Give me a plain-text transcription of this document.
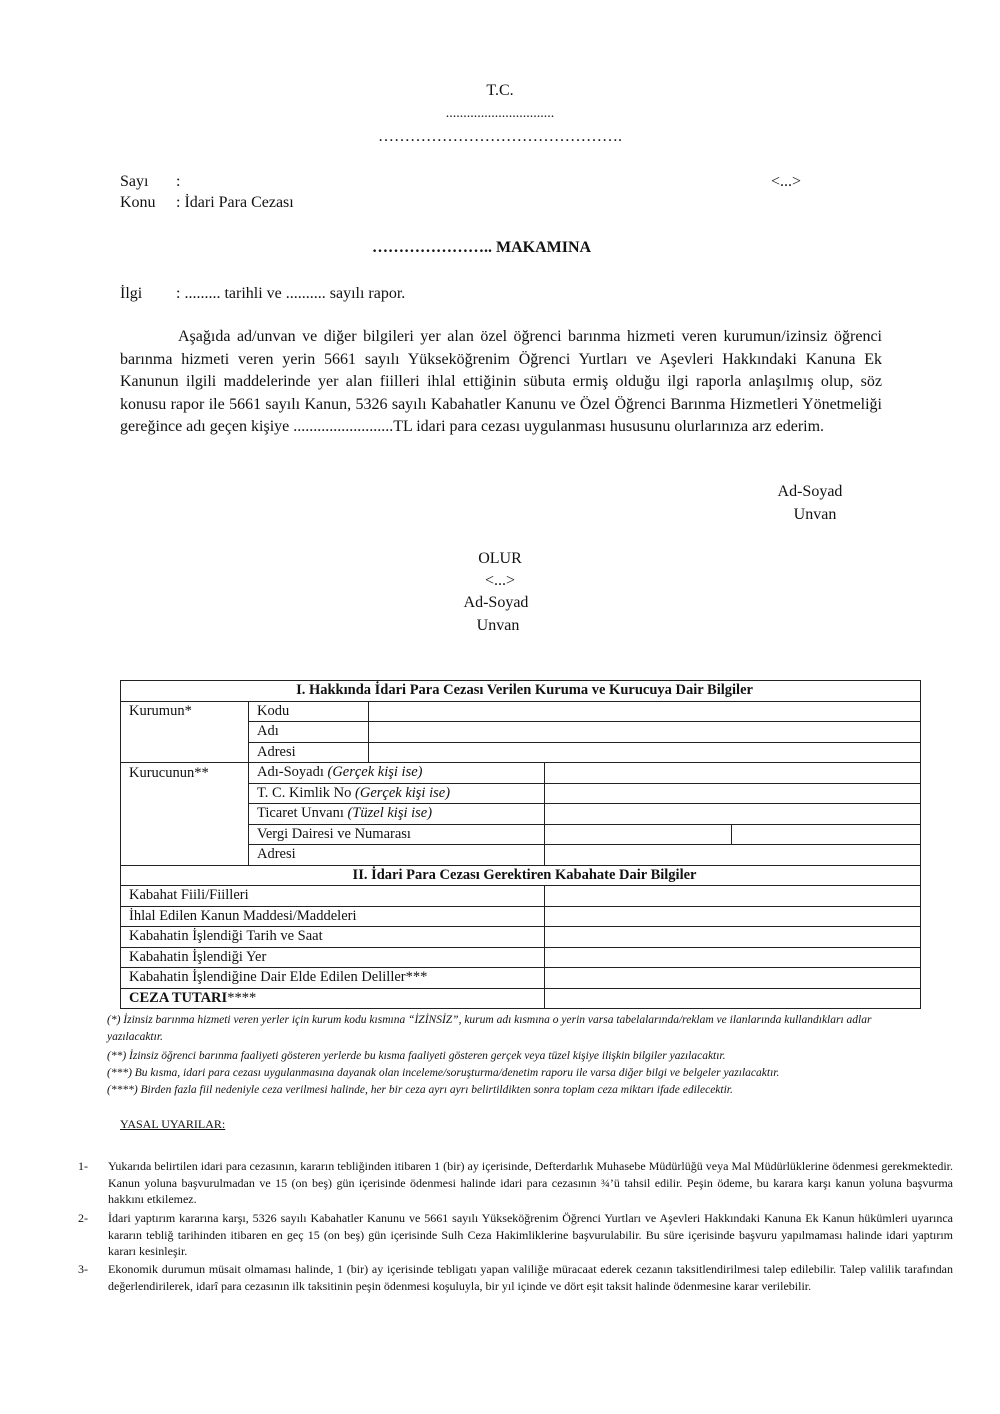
T.C.
...............................
……………………………………….
Sayı :	<...>
Konu : İdari Para Cezası
………………….. MAKAMINA
İlgi : ......... tarihli ve .......... sayılı rapor.
Aşağıda ad/unvan ve diğer bilgileri yer alan özel öğrenci barınma hizmeti veren kurumun/izinsiz öğrenci barınma hizmeti veren yerin 5661 sayılı Yükseköğrenim Öğrenci Yurtları ve Aşevleri Hakkındaki Kanuna Ek Kanunun ilgili maddelerinde yer alan fiilleri ihlal ettiğinin sübuta ermiş olduğu ilgi raporla anlaşılmış olup, söz konusu rapor ile 5661 sayılı Kanun, 5326 sayılı Kabahatler Kanunu ve Özel Öğrenci Barınma Hizmetleri Yönetmeliği gereğince adı geçen kişiye .........................TL idari para cezası uygulanması hususunu olurlarınıza arz ederim.
Ad-Soyad
Unvan
OLUR
<...>
Ad-Soyad
Unvan
I. Hakkında İdari Para Cezası Verilen Kuruma ve Kurucuya Dair Bilgiler
Kurumun*	Kodu	
	Adı	
	Adresi	
Kurucunun**	Adı-Soyadı (Gerçek kişi ise)	
	T. C. Kimlik No (Gerçek kişi ise)	
	Ticaret Unvanı (Tüzel kişi ise)	
	Vergi Dairesi ve Numarası		
	Adresi	
II. İdari Para Cezası Gerektiren Kabahate Dair Bilgiler
Kabahat Fiili/Fiilleri	
İhlal Edilen Kanun Maddesi/Maddeleri	
Kabahatin İşlendiği Tarih ve Saat	
Kabahatin İşlendiği Yer	
Kabahatin İşlendiğine Dair Elde Edilen Deliller***	
CEZA TUTARI****	
(*) İzinsiz barınma hizmeti veren yerler için kurum kodu kısmına “İZİNSİZ”, kurum adı kısmına o yerin varsa tabelalarında/reklam ve ilanlarında kullandıkları adlar yazılacaktır.
(**) İzinsiz öğrenci barınma faaliyeti gösteren yerlerde bu kısma faaliyeti gösteren gerçek veya tüzel kişiye ilişkin bilgiler yazılacaktır.
(***) Bu kısma, idari para cezası uygulanmasına dayanak olan inceleme/soruşturma/denetim raporu ile varsa diğer bilgi ve belgeler yazılacaktır.
(****) Birden fazla fiil nedeniyle ceza verilmesi halinde, her bir ceza ayrı ayrı belirtildikten sonra toplam ceza miktarı ifade edilecektir.
YASAL UYARILAR:
1- Yukarıda belirtilen idari para cezasının, kararın tebliğinden itibaren 1 (bir) ay içerisinde, Defterdarlık Muhasebe Müdürlüğü veya Mal Müdürlüklerine ödenmesi gerekmektedir. Kanun yoluna başvurulmadan ve 15 (on beş) gün içerisinde ödenmesi halinde idari para cezasının ¾’ü tahsil edilir. Peşin ödeme, bu karara karşı kanun yoluna başvurma hakkını etkilemez.
2- İdari yaptırım kararına karşı, 5326 sayılı Kabahatler Kanunu ve 5661 sayılı Yükseköğrenim Öğrenci Yurtları ve Aşevleri Hakkındaki Kanuna Ek Kanun hükümleri uyarınca kararın tebliğ tarihinden itibaren en geç 15 (on beş) gün içerisinde Sulh Ceza Hakimliklerine başvurulabilir. Bu süre içerisinde başvuru yapılmaması halinde idari yaptırım kararı kesinleşir.
3- Ekonomik durumun müsait olmaması halinde, 1 (bir) ay içerisinde tebligatı yapan valiliğe müracaat ederek cezanın taksitlendirilmesi talep edilebilir. Talep valilik tarafından değerlendirilerek, idarî para cezasının ilk taksitinin peşin ödenmesi koşuluyla, bir yıl içinde ve dört eşit taksit halinde ödenmesine karar verilebilir.
